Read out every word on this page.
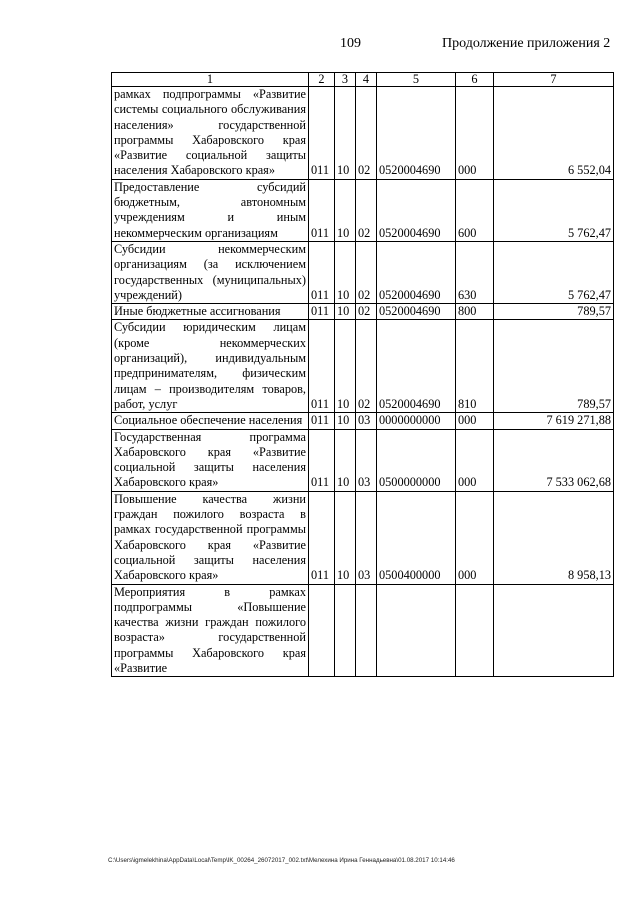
109	Продолжение приложения 2
1	2	3	4	5	6	7
рамках подпрограммы «Развитие системы социального обслуживания населения» государственной программы Хабаровского края «Развитие социальной защиты населения Хабаровского края»	011	10	02	0520004690	000	6 552,04
Предоставление субсидий бюджетным, автономным учреждениям и иным некоммерческим организациям	011	10	02	0520004690	600	5 762,47
Субсидии некоммерческим организациям (за исключением государственных (муниципальных) учреждений)	011	10	02	0520004690	630	5 762,47
Иные бюджетные ассигнования	011	10	02	0520004690	800	789,57
Субсидии юридическим лицам (кроме некоммерческих организаций), индивидуальным предпринимателям, физическим лицам – производителям товаров, работ, услуг	011	10	02	0520004690	810	789,57
Социальное обеспечение населения	011	10	03	0000000000	000	7 619 271,88
Государственная программа Хабаровского края «Развитие социальной защиты населения Хабаровского края»	011	10	03	0500000000	000	7 533 062,68
Повышение качества жизни граждан пожилого возраста в рамках государственной программы Хабаровского края «Развитие социальной защиты населения Хабаровского края»	011	10	03	0500400000	000	8 958,13
Мероприятия в рамках подпрограммы «Повышение качества жизни граждан пожилого возраста» государственной программы Хабаровского края «Развитие						
C:\Users\igmelekhina\AppData\Local\Temp\IK_00264_26072017_002.txt\Мелехина Ирина Геннадьевна\01.08.2017 10:14:46
